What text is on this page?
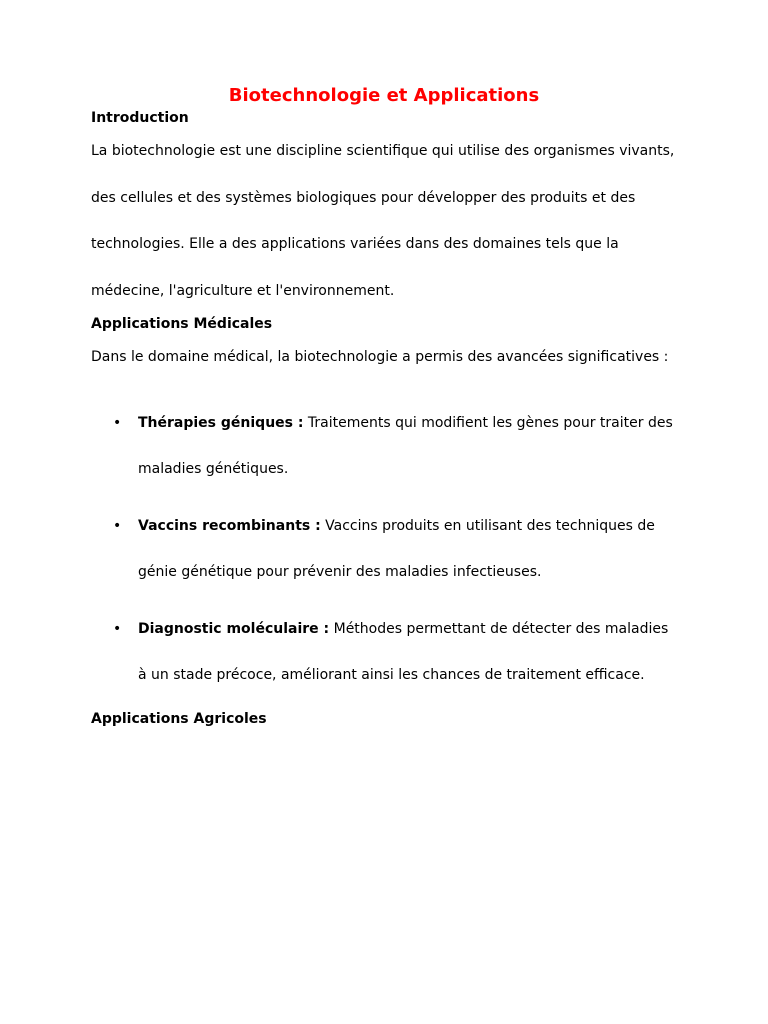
Biotechnologie et Applications
Introduction

La biotechnologie est une discipline scientifique qui utilise des organismes vivants, des cellules et des systèmes biologiques pour développer des produits et des technologies. Elle a des applications variées dans des domaines tels que la médecine, l'agriculture et l'environnement.

Applications Médicales

Dans le domaine médical, la biotechnologie a permis des avancées significatives :

• Thérapies géniques : Traitements qui modifient les gènes pour traiter des maladies génétiques.
• Vaccins recombinants : Vaccins produits en utilisant des techniques de génie génétique pour prévenir des maladies infectieuses.
• Diagnostic moléculaire : Méthodes permettant de détecter des maladies à un stade précoce, améliorant ainsi les chances de traitement efficace.
Applications Agricoles
